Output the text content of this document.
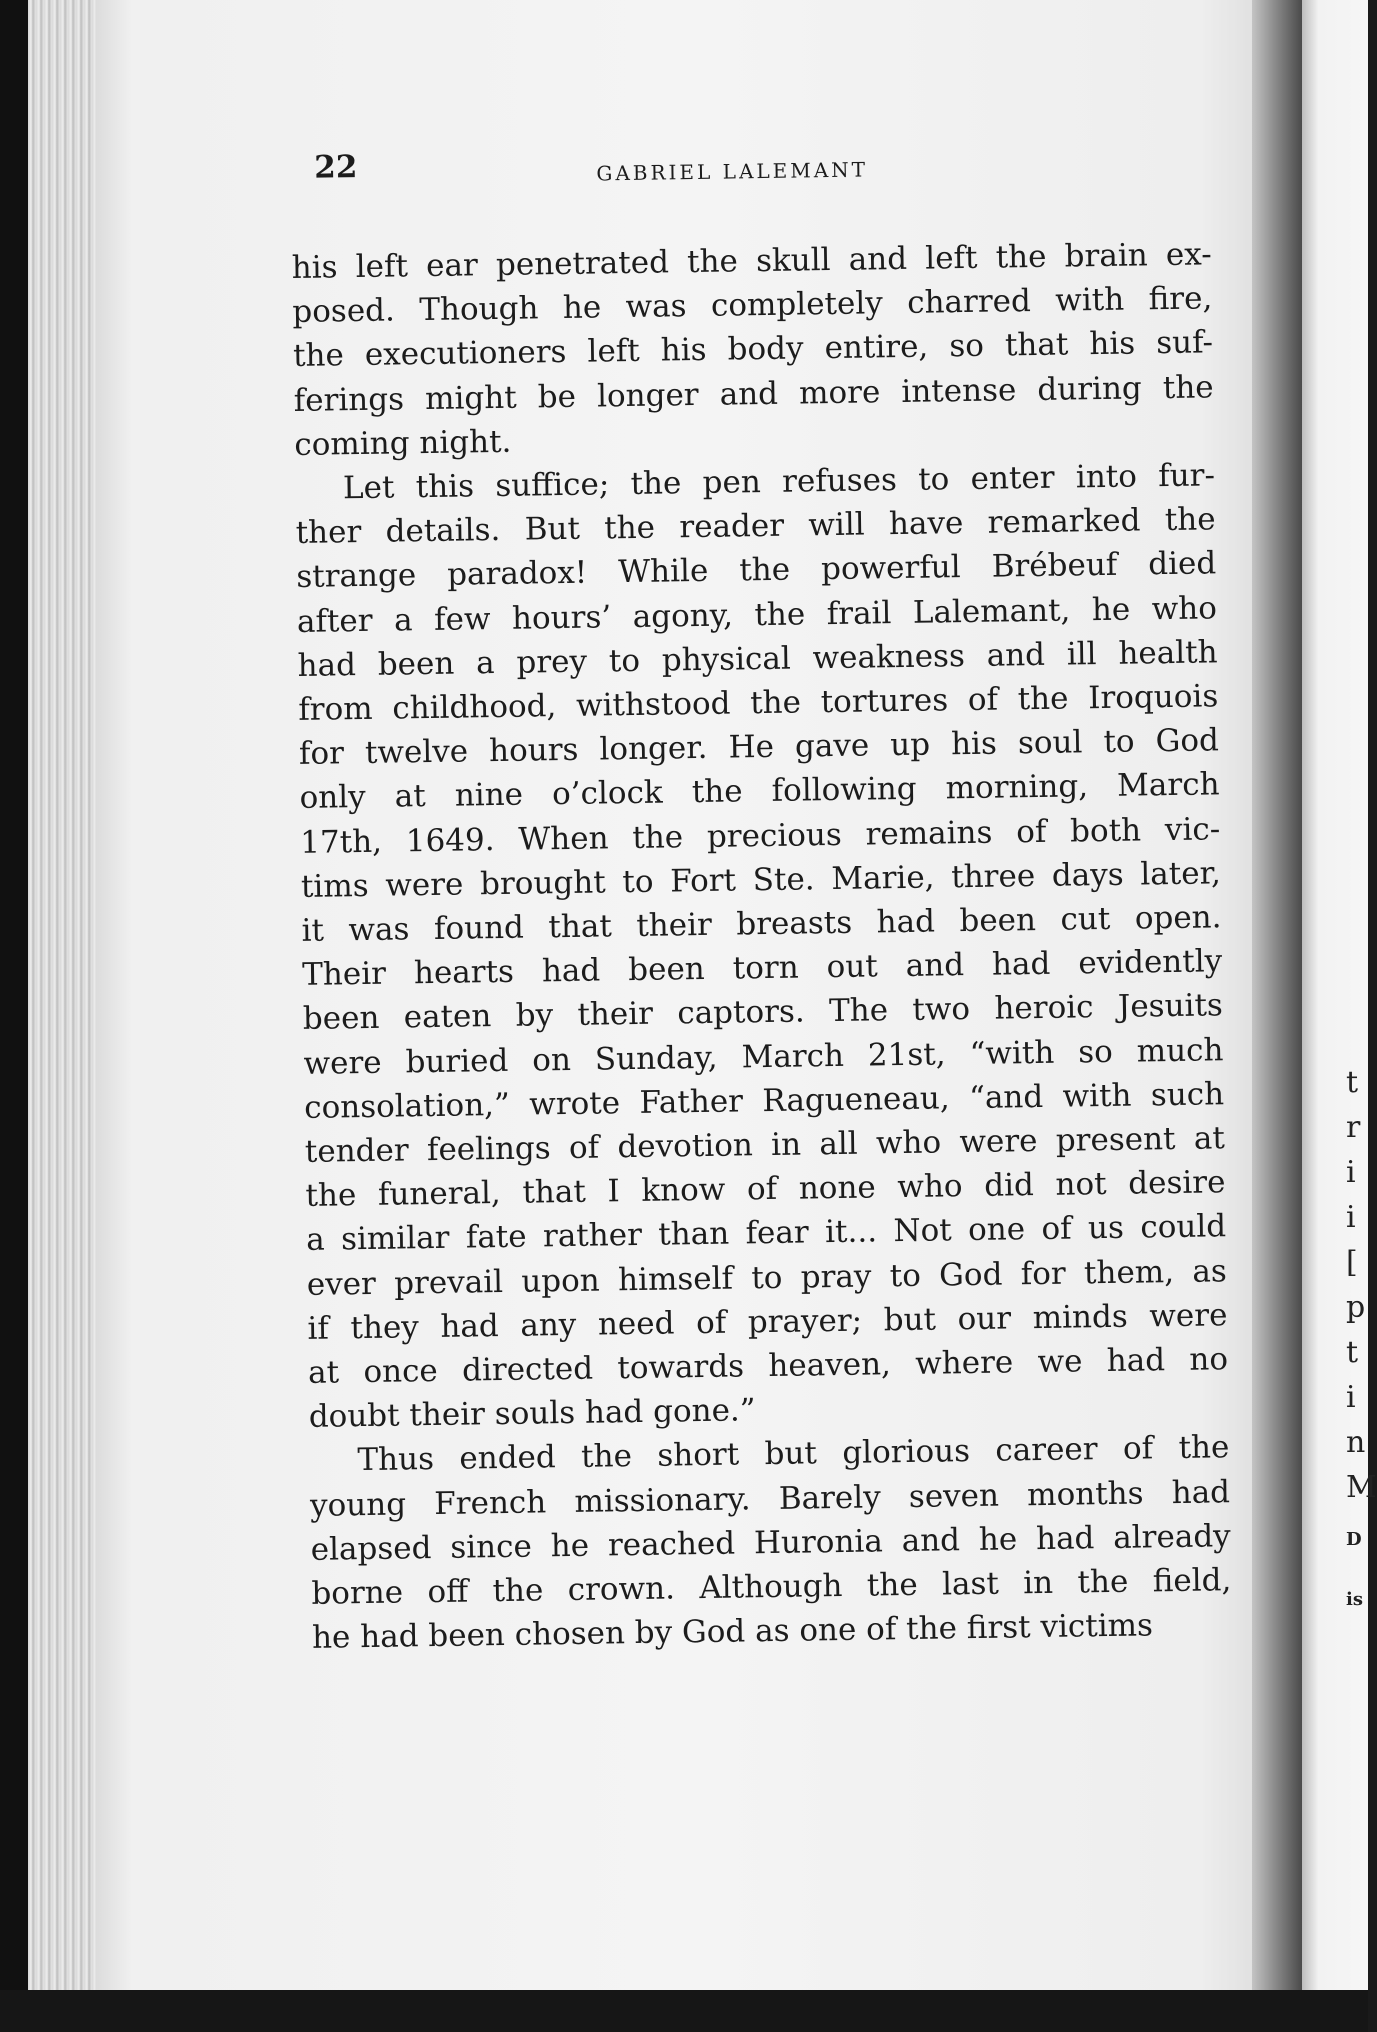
t
r
i
i
[
p
t
i
n
M
D
is
22	GABRIEL LALEMANT
his left ear penetrated the skull and left the brain ex-
posed. Though he was completely charred with fire,
the executioners left his body entire, so that his suf-
ferings might be longer and more intense during the
coming night.
Let this suffice; the pen refuses to enter into fur-
ther details. But the reader will have remarked the
strange paradox! While the powerful Brébeuf died
after a few hours’ agony, the frail Lalemant, he who
had been a prey to physical weakness and ill health
from childhood, withstood the tortures of the Iroquois
for twelve hours longer. He gave up his soul to God
only at nine o’clock the following morning, March
17th, 1649. When the precious remains of both vic-
tims were brought to Fort Ste. Marie, three days later,
it was found that their breasts had been cut open.
Their hearts had been torn out and had evidently
been eaten by their captors. The two heroic Jesuits
were buried on Sunday, March 21st, “with so much
consolation,” wrote Father Ragueneau, “and with such
tender feelings of devotion in all who were present at
the funeral, that I know of none who did not desire
a similar fate rather than fear it... Not one of us could
ever prevail upon himself to pray to God for them, as
if they had any need of prayer; but our minds were
at once directed towards heaven, where we had no
doubt their souls had gone.”
Thus ended the short but glorious career of the
young French missionary. Barely seven months had
elapsed since he reached Huronia and he had already
borne off the crown. Although the last in the field,
he had been chosen by God as one of the first victims
